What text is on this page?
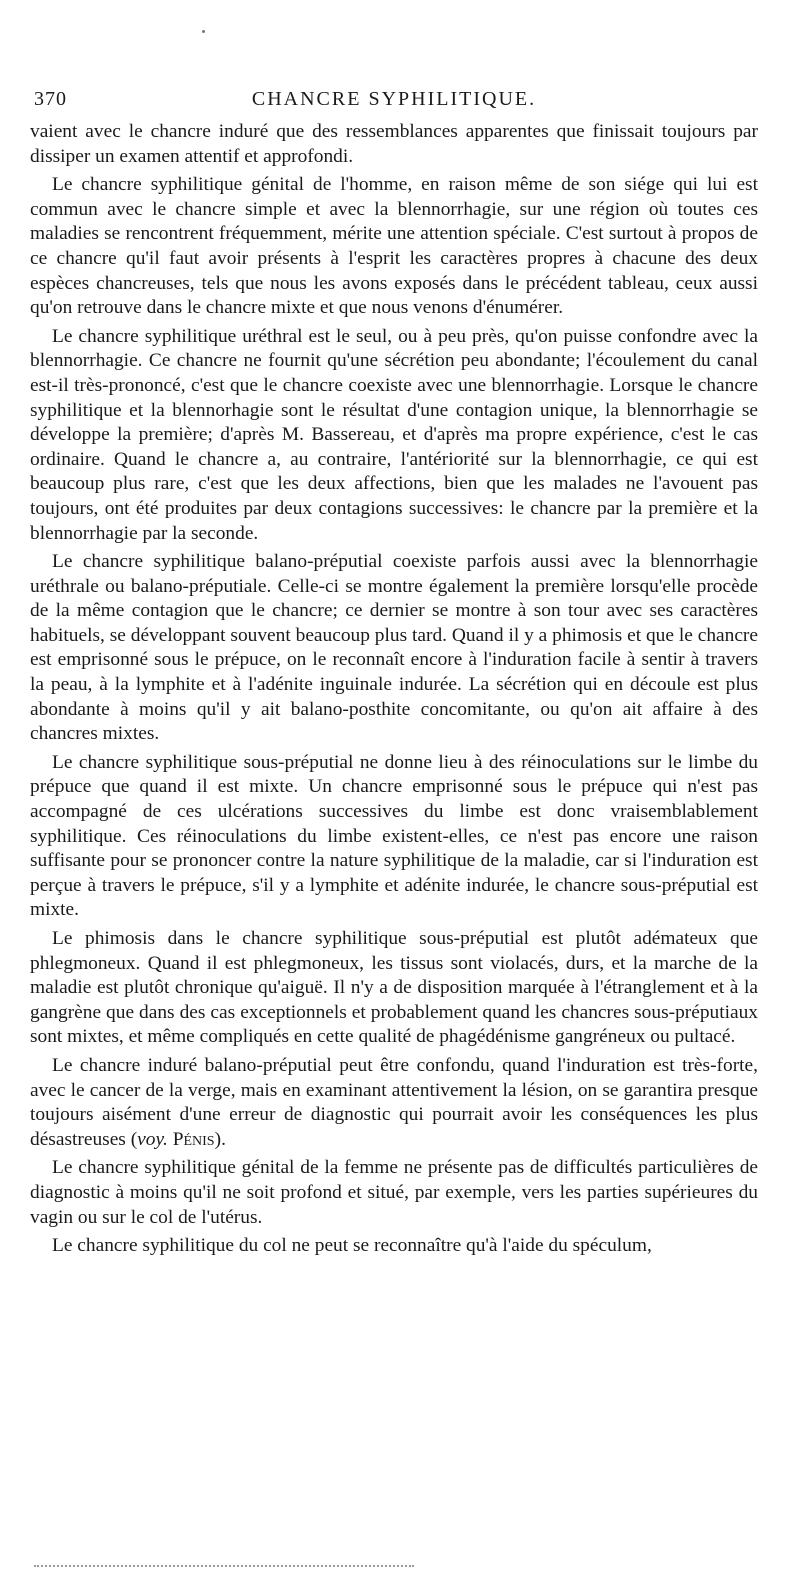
370	CHANCRE SYPHILITIQUE.

vaient avec le chancre induré que des ressemblances apparentes que finissait toujours par dissiper un examen attentif et approfondi.

Le chancre syphilitique génital de l'homme, en raison même de son siége qui lui est commun avec le chancre simple et avec la blennorrhagie, sur une région où toutes ces maladies se rencontrent fréquemment, mérite une attention spéciale. C'est surtout à propos de ce chancre qu'il faut avoir présents à l'esprit les caractères propres à chacune des deux espèces chancreuses, tels que nous les avons exposés dans le précédent tableau, ceux aussi qu'on retrouve dans le chancre mixte et que nous venons d'énumérer.

Le chancre syphilitique uréthral est le seul, ou à peu près, qu'on puisse confondre avec la blennorrhagie. Ce chancre ne fournit qu'une sécrétion peu abondante; l'écoulement du canal est-il très-prononcé, c'est que le chancre coexiste avec une blennorrhagie. Lorsque le chancre syphilitique et la blennorhagie sont le résultat d'une contagion unique, la blennorrhagie se développe la première; d'après M. Bassereau, et d'après ma propre expérience, c'est le cas ordinaire. Quand le chancre a, au contraire, l'antériorité sur la blennorrhagie, ce qui est beaucoup plus rare, c'est que les deux affections, bien que les malades ne l'avouent pas toujours, ont été produites par deux contagions successives: le chancre par la première et la blennorrhagie par la seconde.

Le chancre syphilitique balano-préputial coexiste parfois aussi avec la blennorrhagie uréthrale ou balano-préputiale. Celle-ci se montre également la première lorsqu'elle procède de la même contagion que le chancre; ce dernier se montre à son tour avec ses caractères habituels, se développant souvent beaucoup plus tard. Quand il y a phimosis et que le chancre est emprisonné sous le prépuce, on le reconnaît encore à l'induration facile à sentir à travers la peau, à la lymphite et à l'adénite inguinale indurée. La sécrétion qui en découle est plus abondante à moins qu'il y ait balano-posthite concomitante, ou qu'on ait affaire à des chancres mixtes.

Le chancre syphilitique sous-préputial ne donne lieu à des réinoculations sur le limbe du prépuce que quand il est mixte. Un chancre emprisonné sous le prépuce qui n'est pas accompagné de ces ulcérations successives du limbe est donc vraisemblablement syphilitique. Ces réinoculations du limbe existent-elles, ce n'est pas encore une raison suffisante pour se prononcer contre la nature syphilitique de la maladie, car si l'induration est perçue à travers le prépuce, s'il y a lymphite et adénite indurée, le chancre sous-préputial est mixte.

Le phimosis dans le chancre syphilitique sous-préputial est plutôt adémateux que phlegmoneux. Quand il est phlegmoneux, les tissus sont violacés, durs, et la marche de la maladie est plutôt chronique qu'aiguë. Il n'y a de disposition marquée à l'étranglement et à la gangrène que dans des cas exceptionnels et probablement quand les chancres sous-préputiaux sont mixtes, et même compliqués en cette qualité de phagédénisme gangréneux ou pultacé.

Le chancre induré balano-préputial peut être confondu, quand l'induration est très-forte, avec le cancer de la verge, mais en examinant attentivement la lésion, on se garantira presque toujours aisément d'une erreur de diagnostic qui pourrait avoir les conséquences les plus désastreuses (voy. Pénis).

Le chancre syphilitique génital de la femme ne présente pas de difficultés particulières de diagnostic à moins qu'il ne soit profond et situé, par exemple, vers les parties supérieures du vagin ou sur le col de l'utérus.

Le chancre syphilitique du col ne peut se reconnaître qu'à l'aide du spéculum,
